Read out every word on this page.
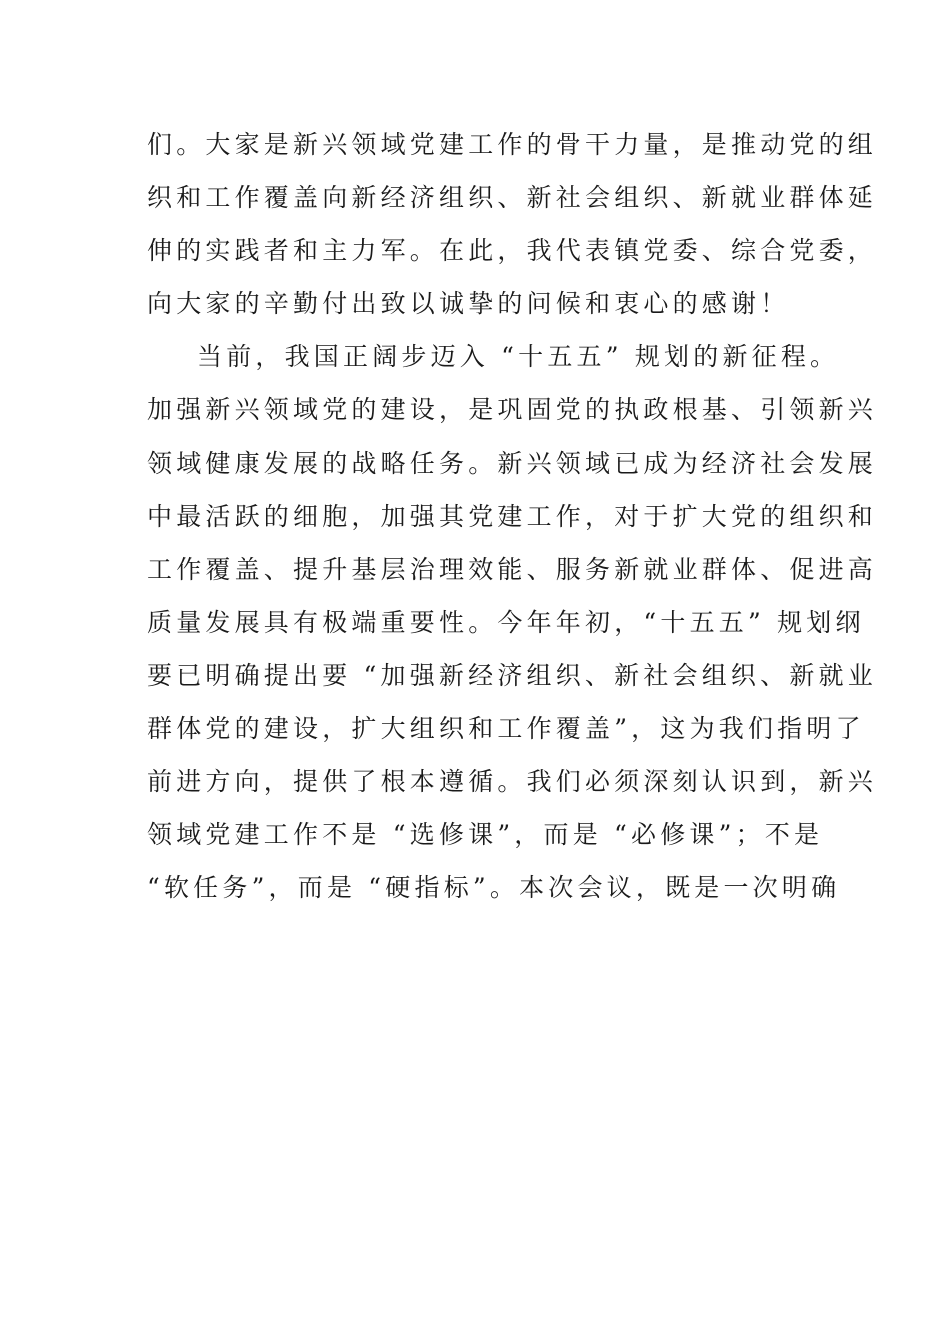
们。大家是新兴领域党建工作的骨干力量，是推动党的组
织和工作覆盖向新经济组织、新社会组织、新就业群体延
伸的实践者和主力军。在此，我代表镇党委、综合党委，
向大家的辛勤付出致以诚挚的问候和衷心的感谢！
当前，我国正阔步迈入 “十五五” 规划的新征程。
加强新兴领域党的建设，是巩固党的执政根基、引领新兴
领域健康发展的战略任务。新兴领域已成为经济社会发展
中最活跃的细胞，加强其党建工作，对于扩大党的组织和
工作覆盖、提升基层治理效能、服务新就业群体、促进高
质量发展具有极端重要性。今年年初，“十五五” 规划纲
要已明确提出要 “加强新经济组织、新社会组织、新就业
群体党的建设，扩大组织和工作覆盖”，这为我们指明了
前进方向，提供了根本遵循。我们必须深刻认识到，新兴
领域党建工作不是 “选修课”，而是 “必修课”；不是
“软任务”，而是 “硬指标”。本次会议，既是一次明确
